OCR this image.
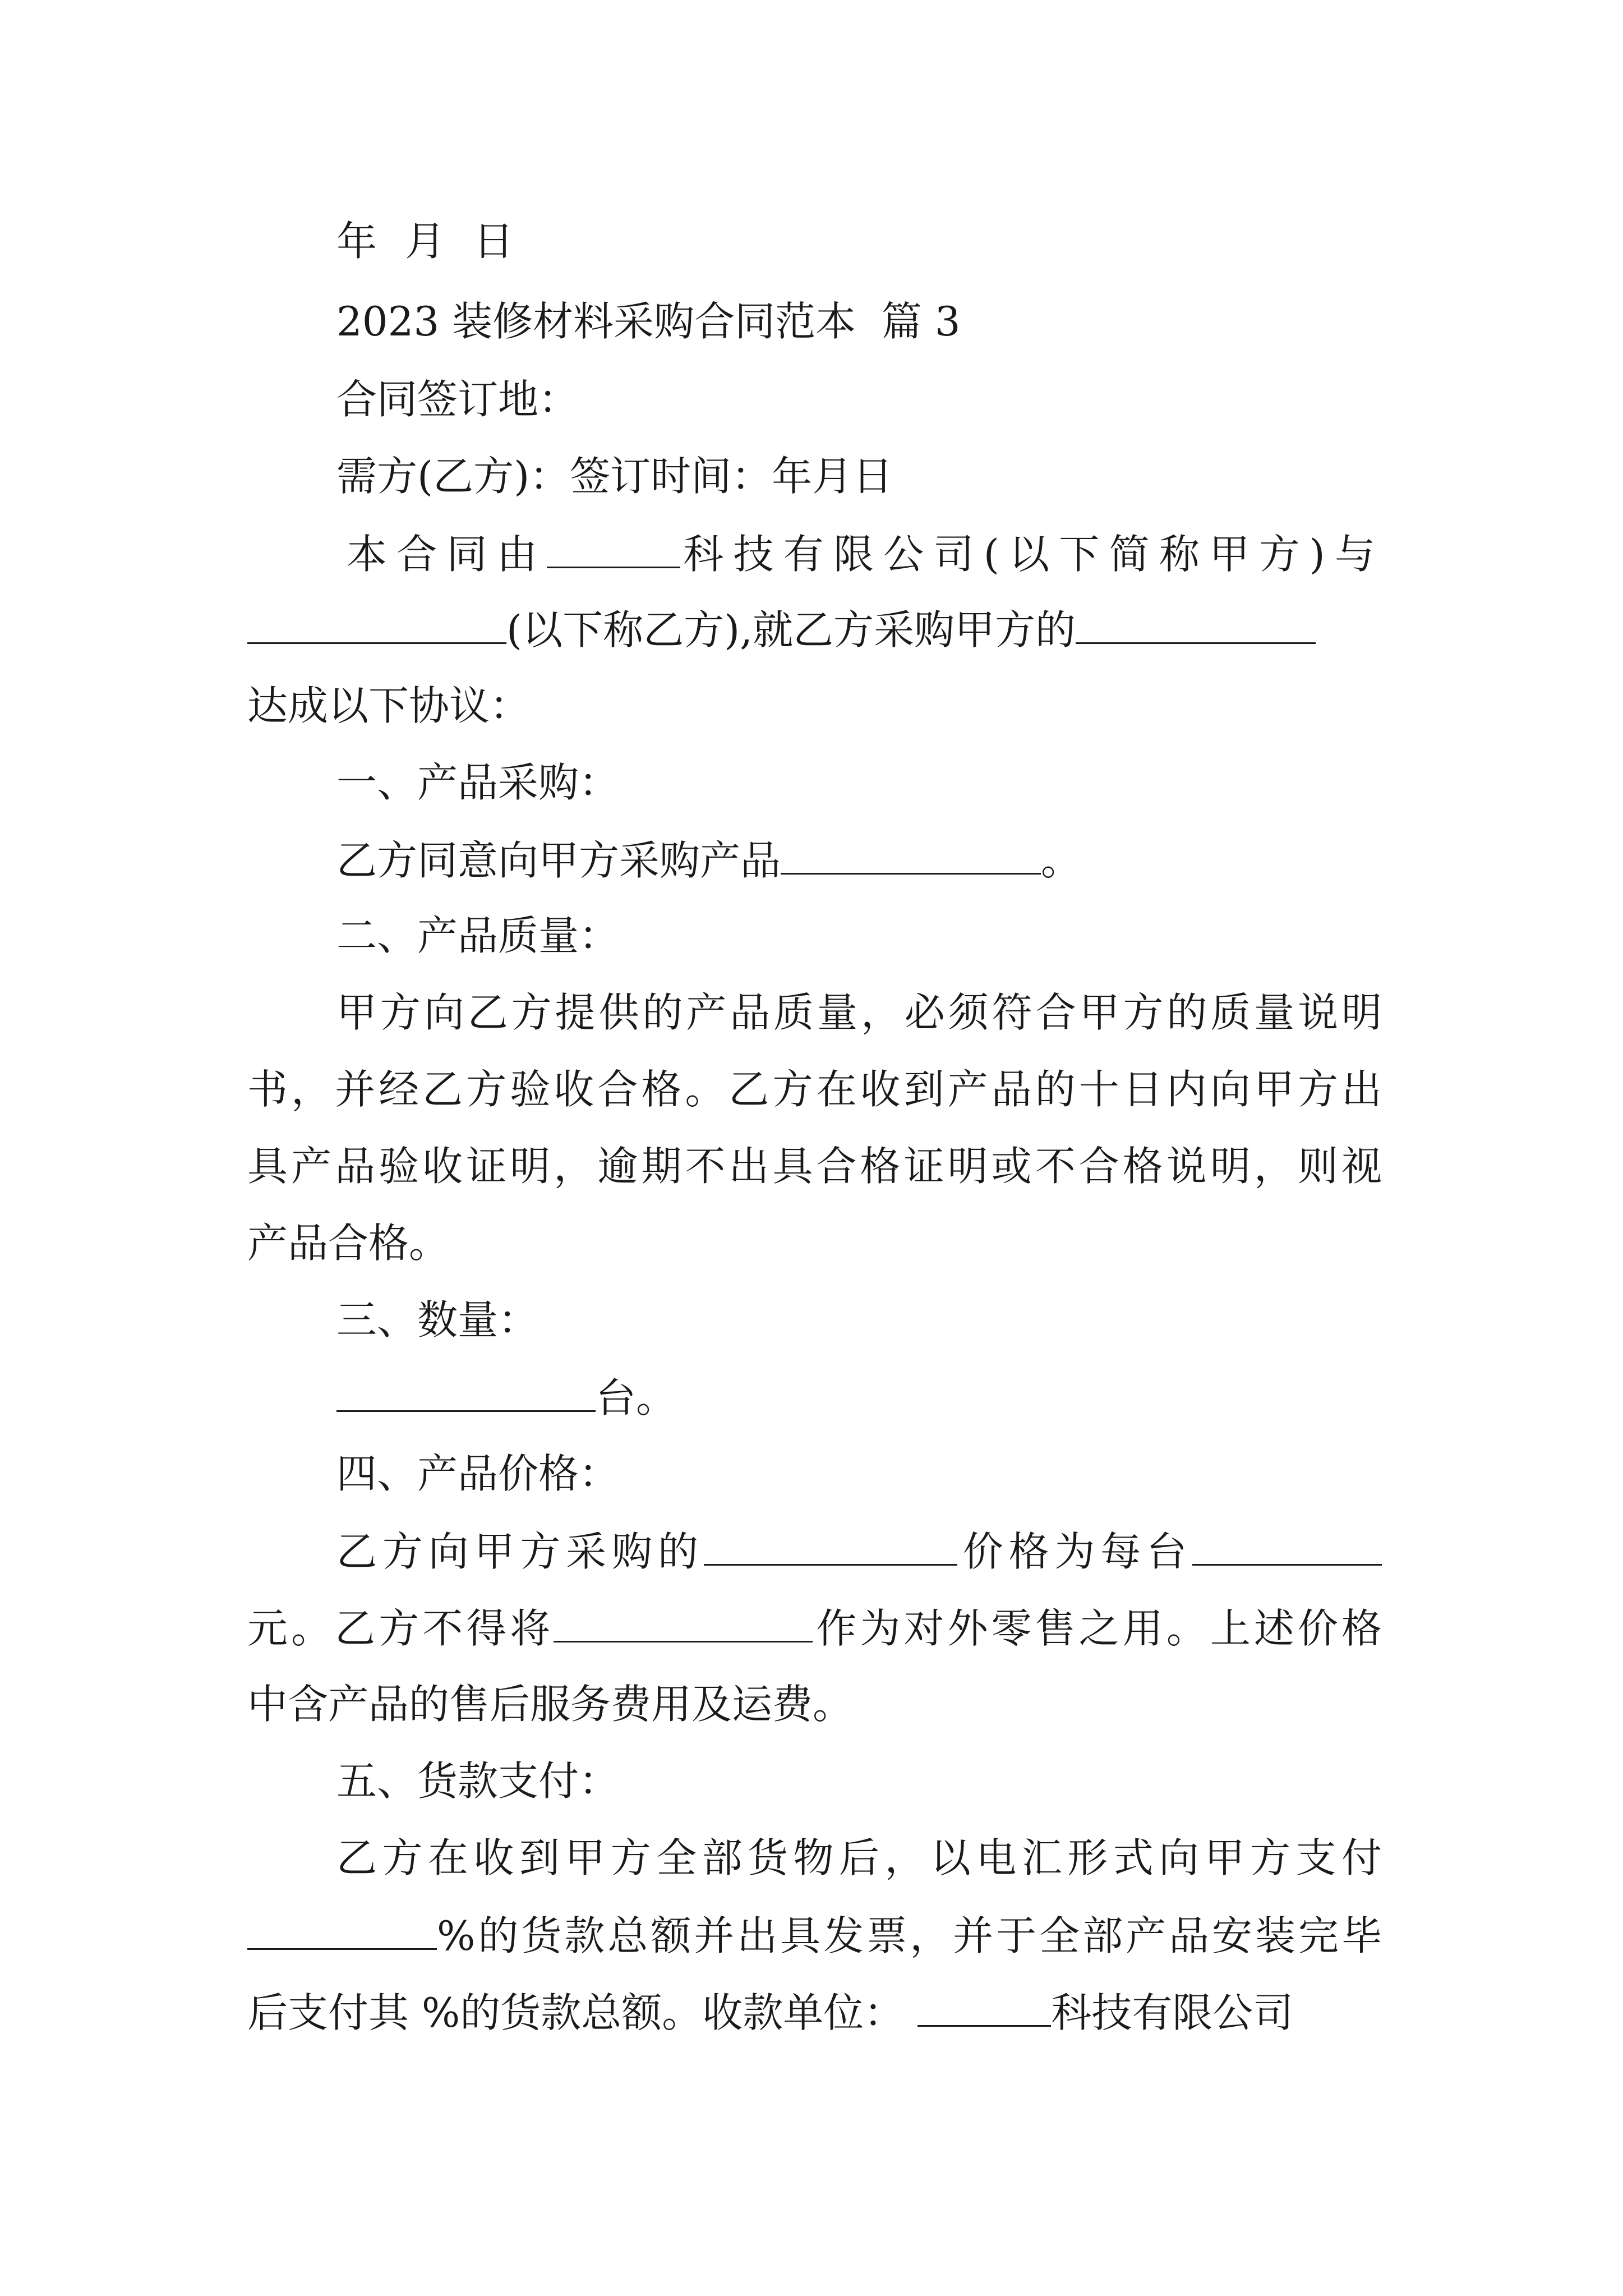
年 月 日
2023 装修材料采购合同范本  篇 3
合同签订地：
需方(乙方)：签订时间：年月日
本合同由	科技有限公司(以下简称甲方)与
(以下称乙方),就乙方采购甲方的
达成以下协议：
一、产品采购：
乙方同意向甲方采购产品	。
二、产品质量：
甲方向乙方提供的产品质量，必须符合甲方的质量说明
书，并经乙方验收合格。乙方在收到产品的十日内向甲方出
具产品验收证明，逾期不出具合格证明或不合格说明，则视
产品合格。
三、数量：
台。
四、产品价格：
乙方向甲方采购的	价格为每台
元。乙方不得将	作为对外零售之用。上述价格
中含产品的售后服务费用及运费。
五、货款支付：
乙方在收到甲方全部货物后，以电汇形式向甲方支付
%的货款总额并出具发票，并于全部产品安装完毕
后支付其 %的货款总额。收款单位：	科技有限公司
